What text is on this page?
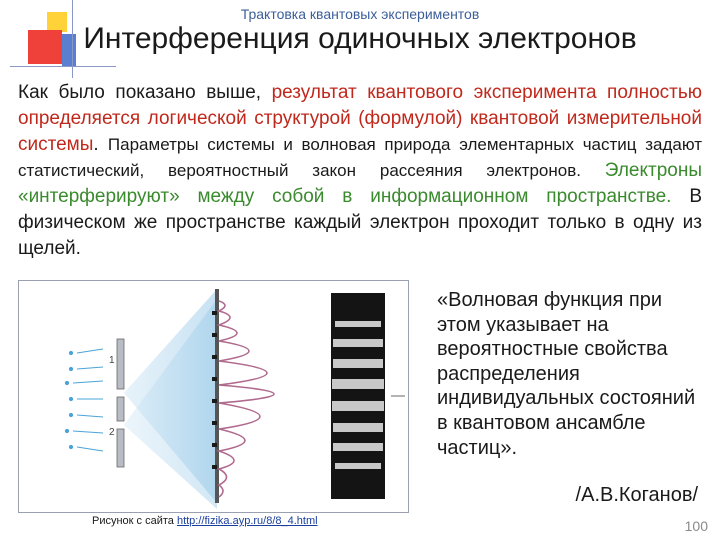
Трактовка квантовых экспериментов
Интерференция одиночных электронов
Как было показано выше, результат квантового эксперимента полностью определяется логической структурой (формулой) квантовой измерительной системы. Параметры системы и волновая природа элементарных частиц задают статистический, вероятностный закон рассеяния электронов. Электроны «интерферируют» между собой в информационном пространстве. В физическом же пространстве каждый электрон проходит только в одну из щелей.
1
2
Рисунок с сайта http://fizika.ayp.ru/8/8_4.html
«Волновая функция при этом указывает на вероятностные свойства распределения индивидуальных состояний в квантовом ансамбле частиц».
/А.В.Коганов/
100
